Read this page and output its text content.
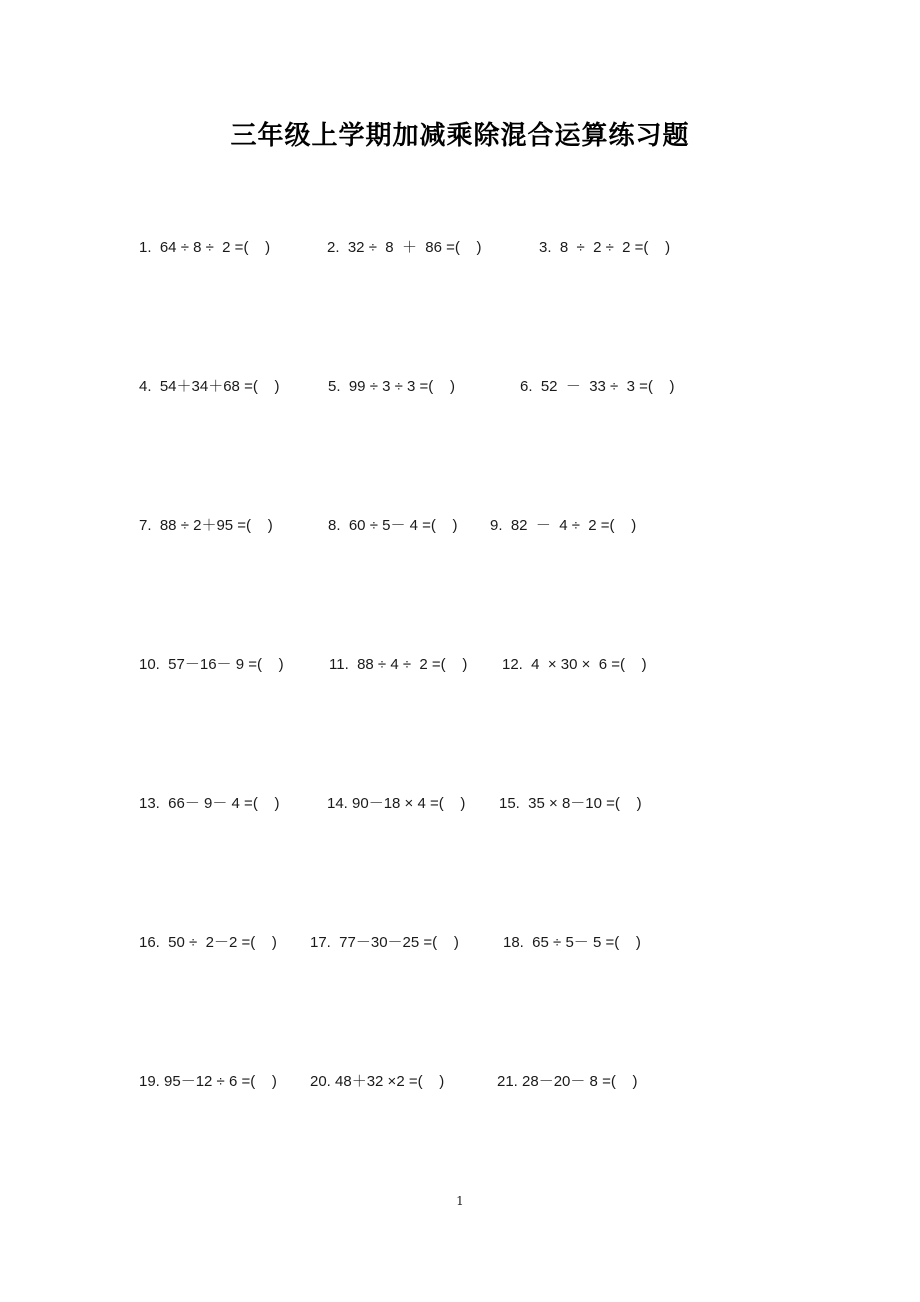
三年级上学期加减乘除混合运算练习题
1.  64 ÷ 8 ÷  2 =(    )	2.  32 ÷  8  ＋  86 =(    )	3.  8  ÷  2 ÷  2 =(    )
4.  54＋34＋68 =(    )	5.  99 ÷ 3 ÷ 3 =(    )	6.  52  －  33 ÷  3 =(    )
7.  88 ÷ 2＋95 =(    )	8.  60 ÷ 5－ 4 =(    ) 9.  82  －  4 ÷  2 =(    )
10.  57－16－ 9 =(    )	11.  88 ÷ 4 ÷  2 =(    ) 12.  4  × 30 ×  6 =(    )
13.  66－ 9－ 4 =(    )	14. 90－18 × 4 =(    ) 15.  35 × 8－10 =(    )
16.  50 ÷  2－2 =(    ) 17.  77－30－25 =(    )	18.  65 ÷ 5－ 5 =(    )
19. 95－12 ÷ 6 =(    ) 20. 48＋32 ×2 =(    )	21. 28－20－ 8 =(    )
1
